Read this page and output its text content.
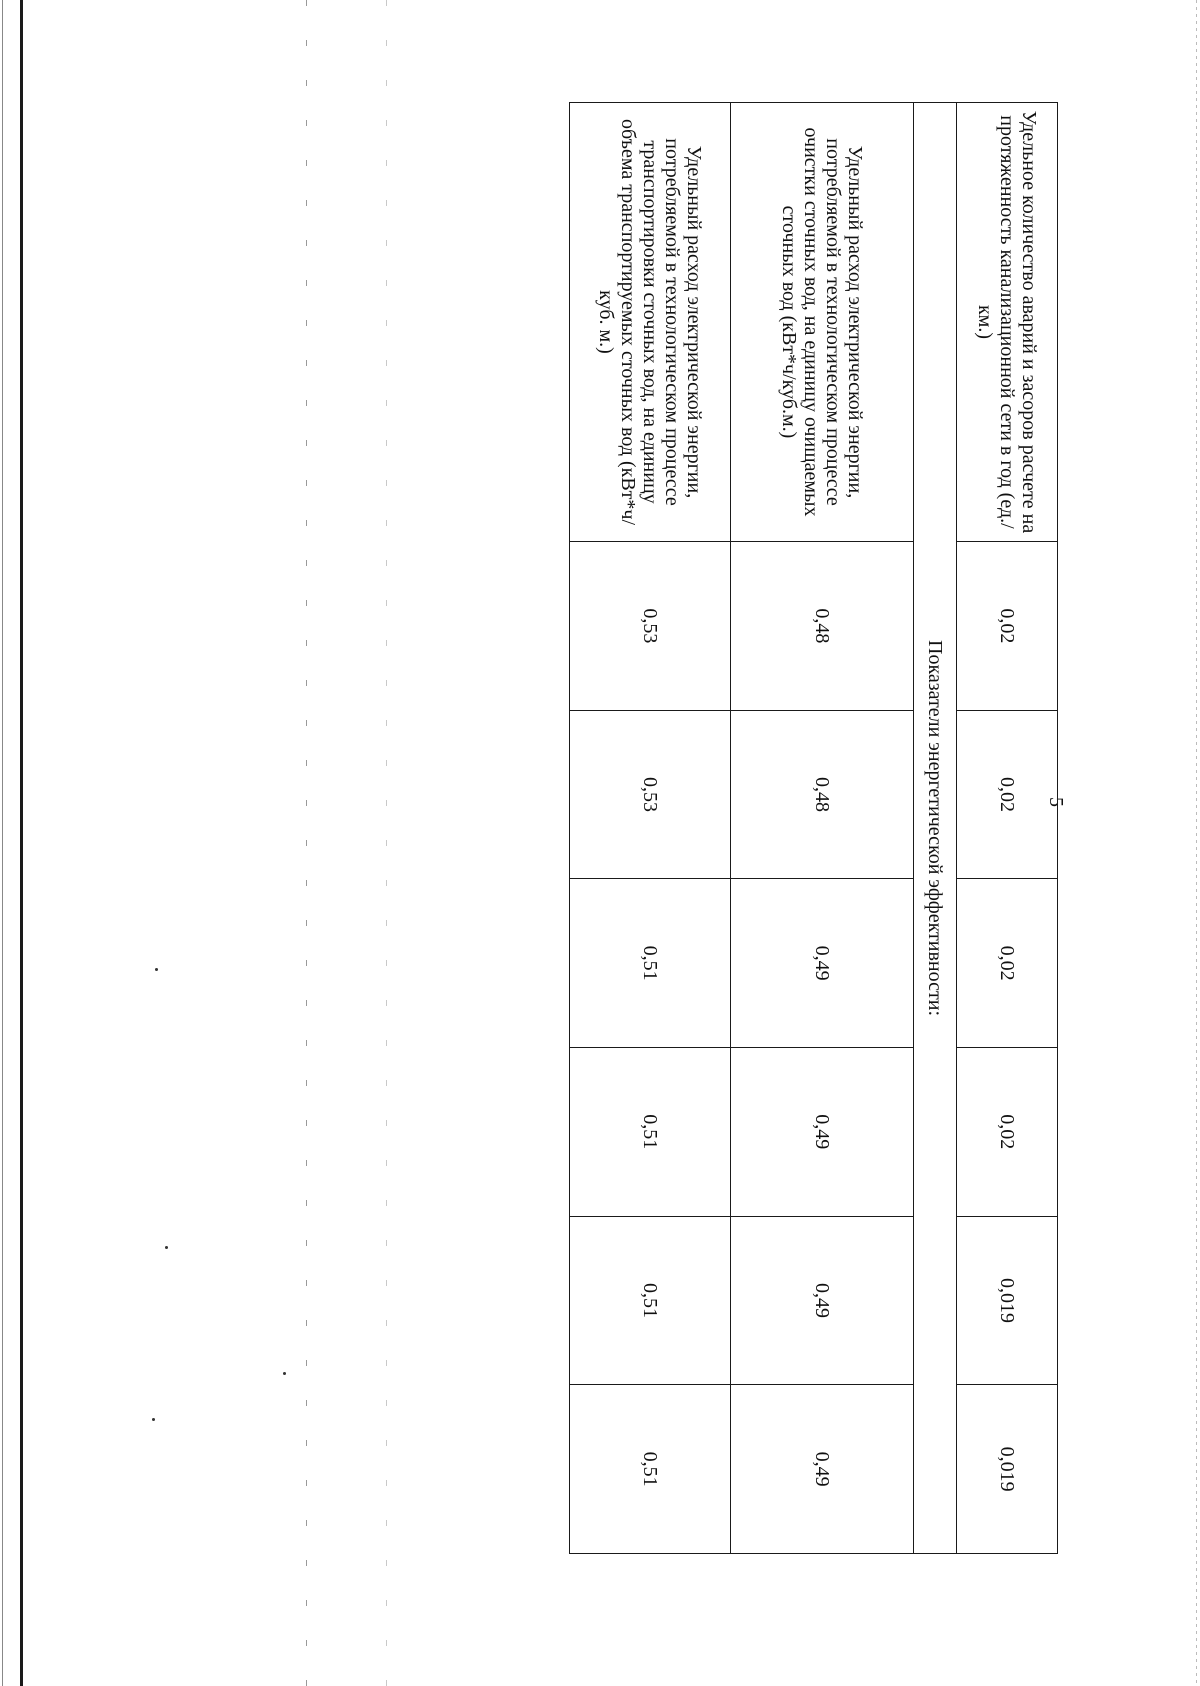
5
Удельное количество аварий и засоров расчете на протяженность канализационной сети в год (ед./км.)	0,02	0,02	0,02	0,02	0,019	0,019
Показатели энергетической эффективности:						
Удельный расход электрической энергии, потребляемой в технологическом процессе очистки сточных вод, на единицу очищаемых сточных вод (кВт*ч/куб.м.)	0,48	0,48	0,49	0,49	0,49	0,49
Удельный расход электрической энергии, потребляемой в технологическом процессе транспортировки сточных вод, на единицу объема транспортируемых сточных вод (кВт*ч/куб. м.)	0,53	0,53	0,51	0,51	0,51	0,51
